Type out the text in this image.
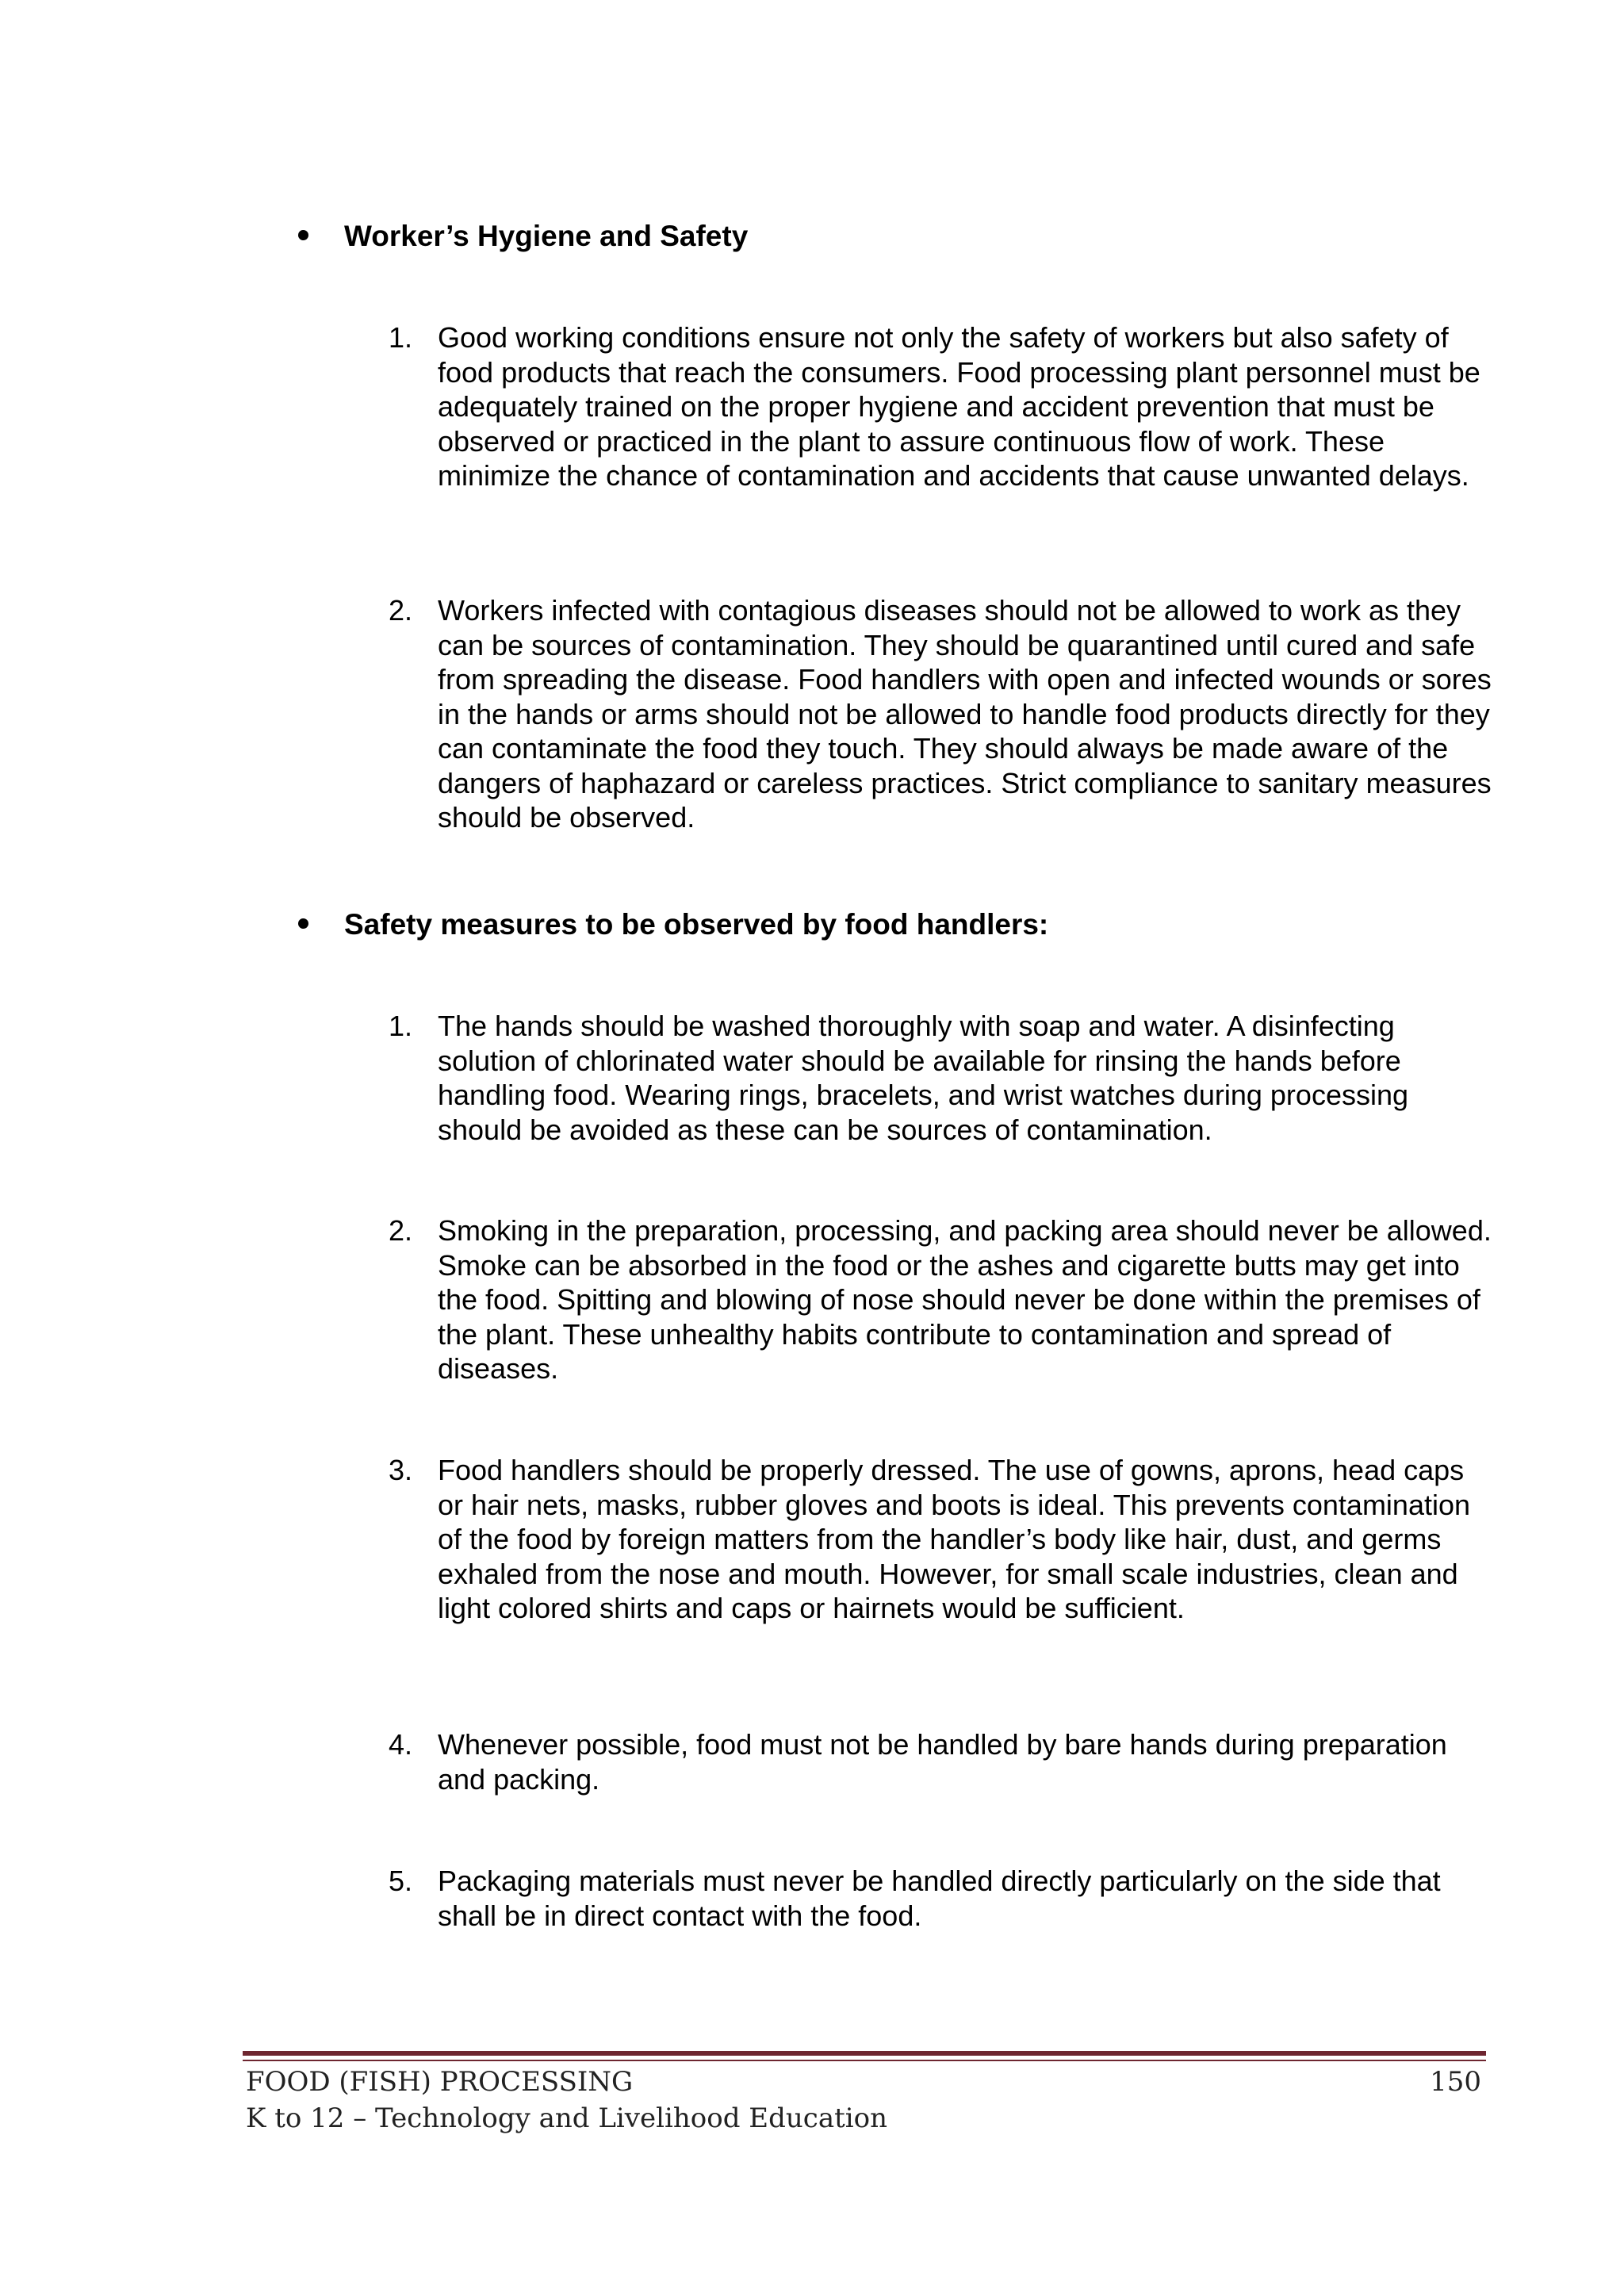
Worker’s Hygiene and Safety
1. Good working conditions ensure not only the safety of workers but also safety of food products that reach the consumers. Food processing plant personnel must be adequately trained on the proper hygiene and accident prevention that must be observed or practiced in the plant to assure continuous flow of work. These minimize the chance of contamination and accidents that cause unwanted delays.
2. Workers infected with contagious diseases should not be allowed to work as they can be sources of contamination. They should be quarantined until cured and safe from spreading the disease. Food handlers with open and infected wounds or sores in the hands or arms should not be allowed to handle food products directly for they can contaminate the food they touch. They should always be made aware of the dangers of haphazard or careless practices. Strict compliance to sanitary measures should be observed.
Safety measures to be observed by food handlers:
1. The hands should be washed thoroughly with soap and water. A disinfecting solution of chlorinated water should be available for rinsing the hands before handling food. Wearing rings, bracelets, and wrist watches during processing should be avoided as these can be sources of contamination.
2. Smoking in the preparation, processing, and packing area should never be allowed. Smoke can be absorbed in the food or the ashes and cigarette butts may get into the food. Spitting and blowing of nose should never be done within the premises of the plant. These unhealthy habits contribute to contamination and spread of diseases.
3. Food handlers should be properly dressed. The use of gowns, aprons, head caps or hair nets, masks, rubber gloves and boots is ideal. This prevents contamination of the food by foreign matters from the handler’s body like hair, dust, and germs exhaled from the nose and mouth. However, for small scale industries, clean and light colored shirts and caps or hairnets would be sufficient.
4. Whenever possible, food must not be handled by bare hands during preparation and packing.
5. Packaging materials must never be handled directly particularly on the side that shall be in direct contact with the food.
FOOD (FISH) PROCESSING
K to 12 – Technology and Livelihood Education
150
